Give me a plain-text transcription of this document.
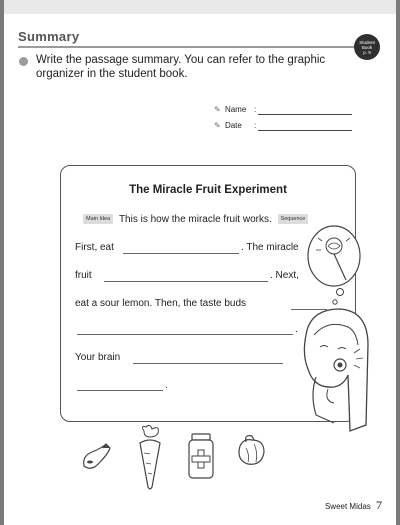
Summary	Student
Book
p. 9
Write the passage summary. You can refer to the graphic organizer in the student book.
✎ Name :
✎ Date :
The Miracle Fruit Experiment
Main Idea This is how the miracle fruit works. Sequence
First, eat	. The miracle
fruit	. Next,
eat a sour lemon. Then, the taste buds
.
Your brain
.
Sweet Midas 7
